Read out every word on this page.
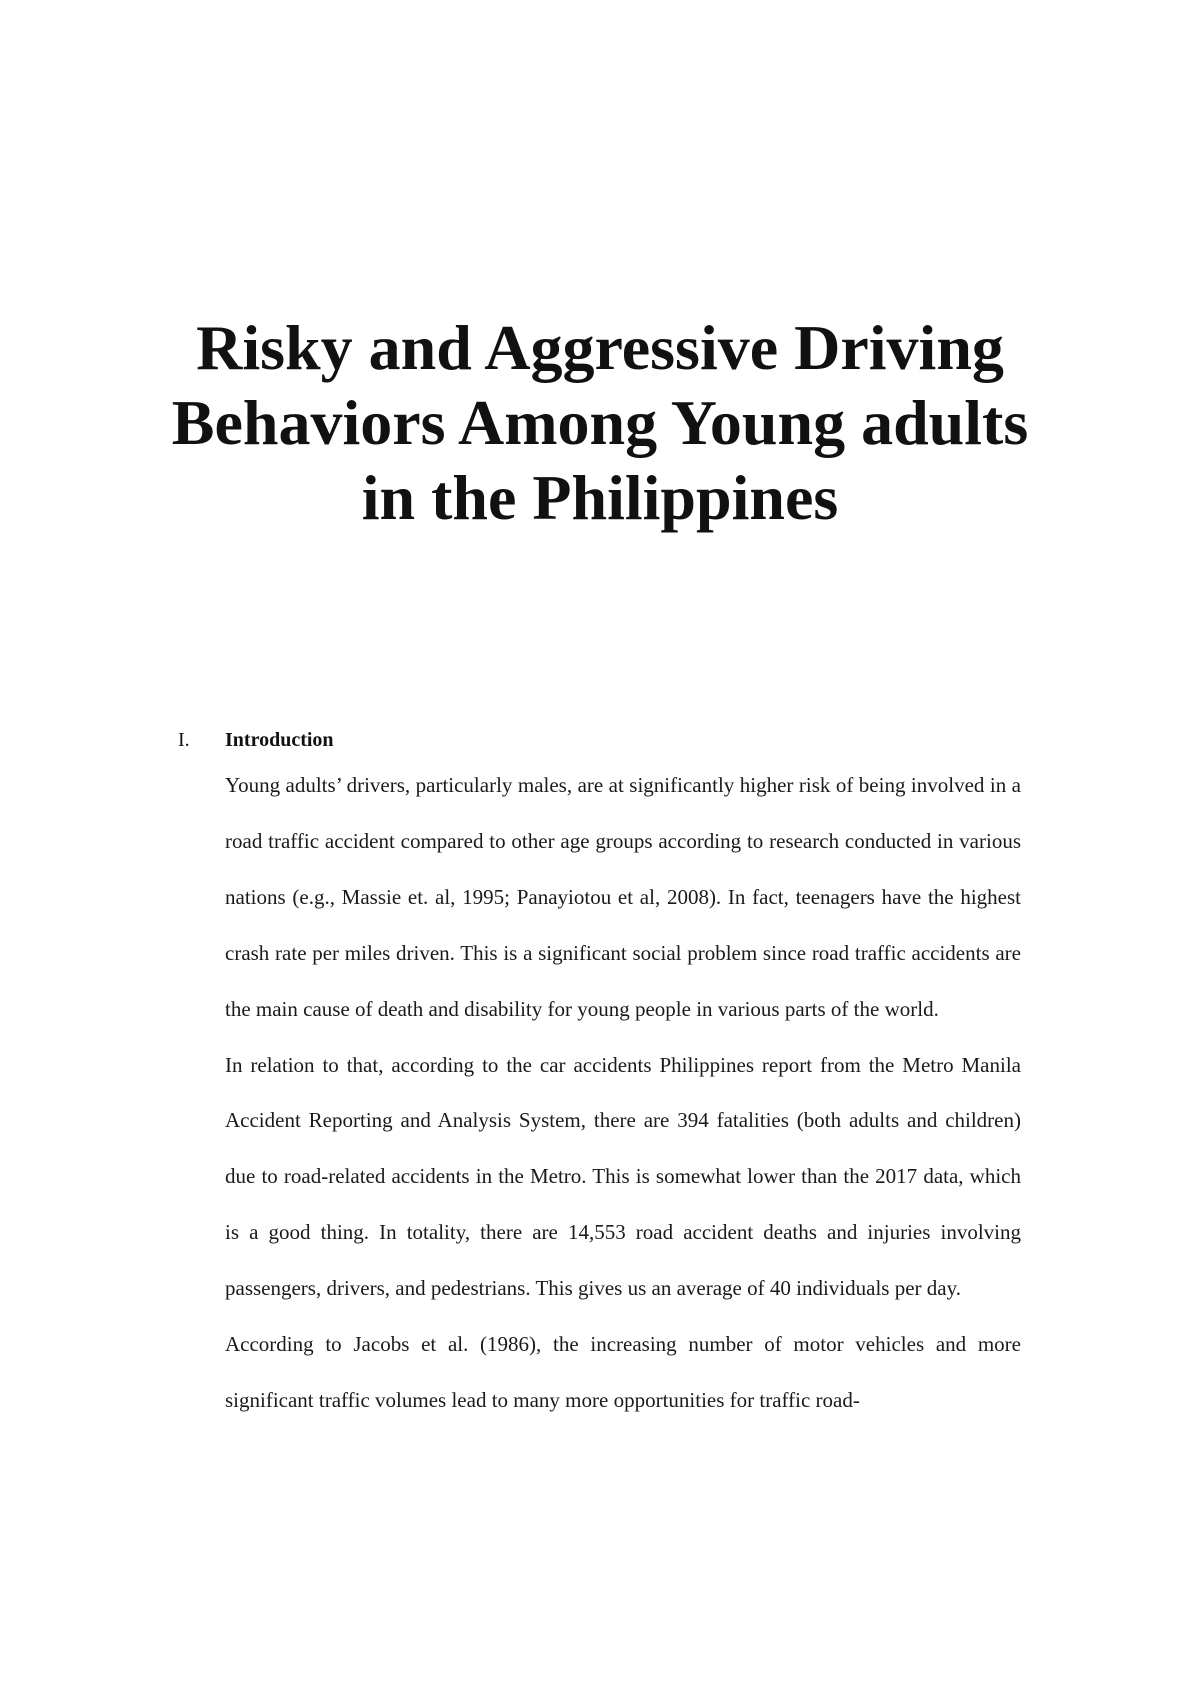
Risky and Aggressive Driving Behaviors Among Young adults in the Philippines
I. Introduction

Young adults’ drivers, particularly males, are at significantly higher risk of being involved in a road traffic accident compared to other age groups according to research conducted in various nations (e.g., Massie et. al, 1995; Panayiotou et al, 2008). In fact, teenagers have the highest crash rate per miles driven. This is a significant social problem since road traffic accidents are the main cause of death and disability for young people in various parts of the world.

In relation to that, according to the car accidents Philippines report from the Metro Manila Accident Reporting and Analysis System, there are 394 fatalities (both adults and children) due to road-related accidents in the Metro. This is somewhat lower than the 2017 data, which is a good thing. In totality, there are 14,553 road accident deaths and injuries involving passengers, drivers, and pedestrians. This gives us an average of 40 individuals per day.

According to Jacobs et al. (1986), the increasing number of motor vehicles and more significant traffic volumes lead to many more opportunities for traffic road-
